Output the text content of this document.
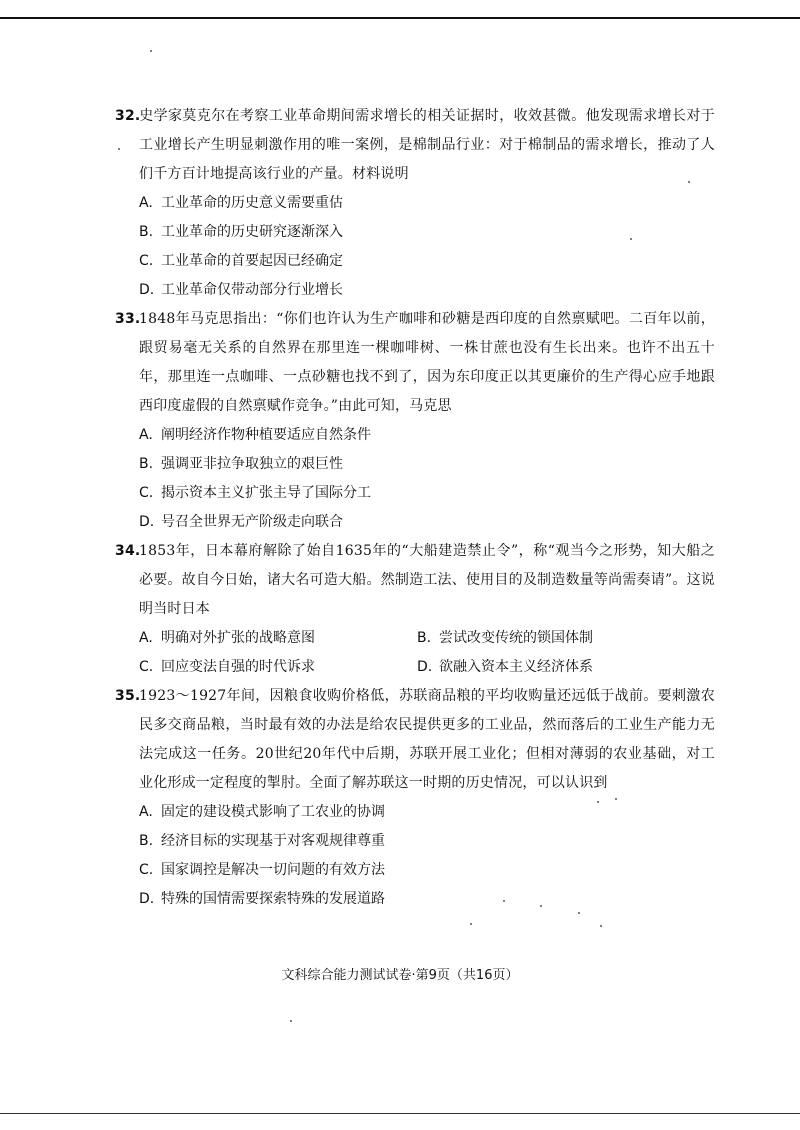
32.史学家莫克尔在考察工业革命期间需求增长的相关证据时，收效甚微。他发现需求增长对于工业增长产生明显刺激作用的唯一案例，是棉制品行业：对于棉制品的需求增长，推动了人们千方百计地提高该行业的产量。材料说明

A. 工业革命的历史意义需要重估

B. 工业革命的历史研究逐渐深入

C. 工业革命的首要起因已经确定

D. 工业革命仅带动部分行业增长

33.1848年马克思指出：“你们也许认为生产咖啡和砂糖是西印度的自然禀赋吧。二百年以前，跟贸易毫无关系的自然界在那里连一棵咖啡树、一株甘蔗也没有生长出来。也许不出五十年，那里连一点咖啡、一点砂糖也找不到了，因为东印度正以其更廉价的生产得心应手地跟西印度虚假的自然禀赋作竞争。”由此可知，马克思

A. 阐明经济作物种植要适应自然条件

B. 强调亚非拉争取独立的艰巨性

C. 揭示资本主义扩张主导了国际分工

D. 号召全世界无产阶级走向联合

34.1853年，日本幕府解除了始自1635年的“大船建造禁止令”，称“观当今之形势，知大船之必要。故自今日始，诸大名可造大船。然制造工法、使用目的及制造数量等尚需奏请”。这说明当时日本

A. 明确对外扩张的战略意图	B. 尝试改变传统的锁国体制

C. 回应变法自强的时代诉求	D. 欲融入资本主义经济体系

35.1923～1927年间，因粮食收购价格低，苏联商品粮的平均收购量还远低于战前。要刺激农民多交商品粮，当时最有效的办法是给农民提供更多的工业品，然而落后的工业生产能力无法完成这一任务。20世纪20年代中后期，苏联开展工业化；但相对薄弱的农业基础，对工业化形成一定程度的掣肘。全面了解苏联这一时期的历史情况，可以认识到

A. 固定的建设模式影响了工农业的协调

B. 经济目标的实现基于对客观规律尊重

C. 国家调控是解决一切问题的有效方法

D. 特殊的国情需要探索特殊的发展道路

文科综合能力测试试卷·第9页（共16页）
